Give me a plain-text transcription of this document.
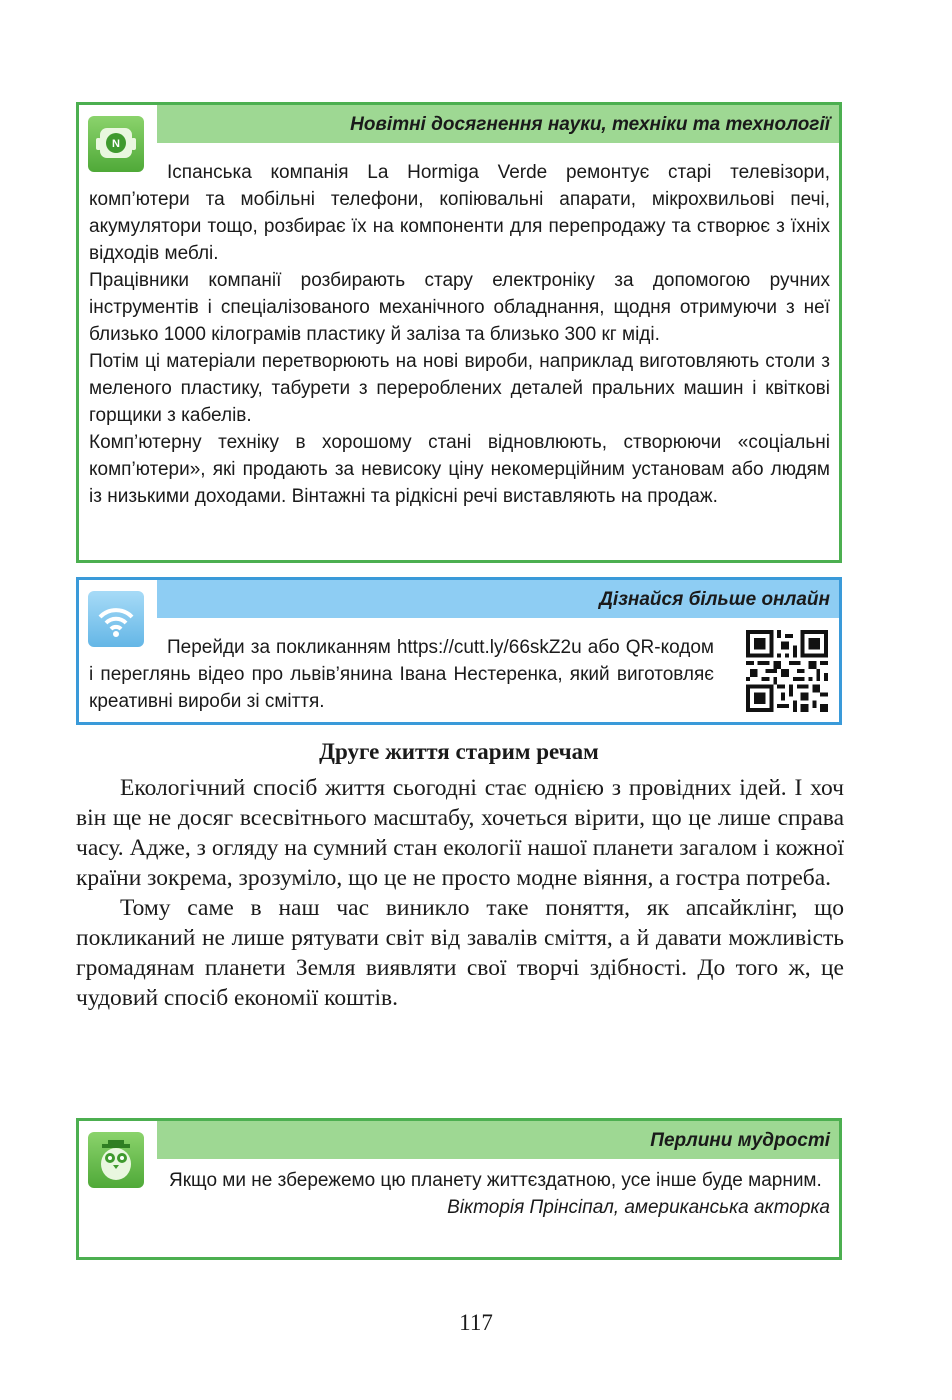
Новітні досягнення науки, техніки та технології
N

Іспанська компанія La Hormiga Verde ремонтує старі телевізори, комп’ютери та мобільні телефони, копіювальні апарати, мікрохвильові печі, акумулятори тощо, розбирає їх на компоненти для перепродажу та створює з їхніх відходів меблі.

Працівники компанії розбирають стару електроніку за допомогою ручних інструментів і спеціалізованого механічного обладнання, щодня отримуючи з неї близько 1000 кілограмів пластику й заліза та близько 300 кг міді.

Потім ці матеріали перетворюють на нові вироби, наприклад виготовляють столи з меленого пластику, табурети з перероблених деталей пральних машин і квіткові горщики з кабелів.

Комп’ютерну техніку в хорошому стані відновлюють, створюючи «соціальні комп’ютери», які продають за невисоку ціну некомерційним установам або людям із низькими доходами. Вінтажні та рідкісні речі виставляють на продаж.

Дізнайся більше онлайн

Перейди за покликанням https://cutt.ly/66skZ2u або QR-кодом і переглянь відео про львів’янина Івана Нестеренка, який виготовляє креативні вироби зі сміття.

Друге життя старим речам

Екологічний спосіб життя сьогодні стає однією з провідних ідей. І хоч він ще не досяг всесвітнього масштабу, хочеться вірити, що це лише справа часу. Адже, з огляду на сумний стан екології нашої планети загалом і кожної країни зокрема, зрозуміло, що це не просто модне віяння, а гостра потреба.

Тому саме в наш час виникло таке поняття, як апсайклінг, що покликаний не лише рятувати світ від завалів сміття, а й давати можливість громадянам планети Земля виявляти свої творчі здібності. До того ж, це чудовий спосіб економії коштів.

Перлини мудрості

Якщо ми не збережемо цю планету життєздатною, усе інше буде марним.

Вікторія Прінсіпал, американська акторка

117
